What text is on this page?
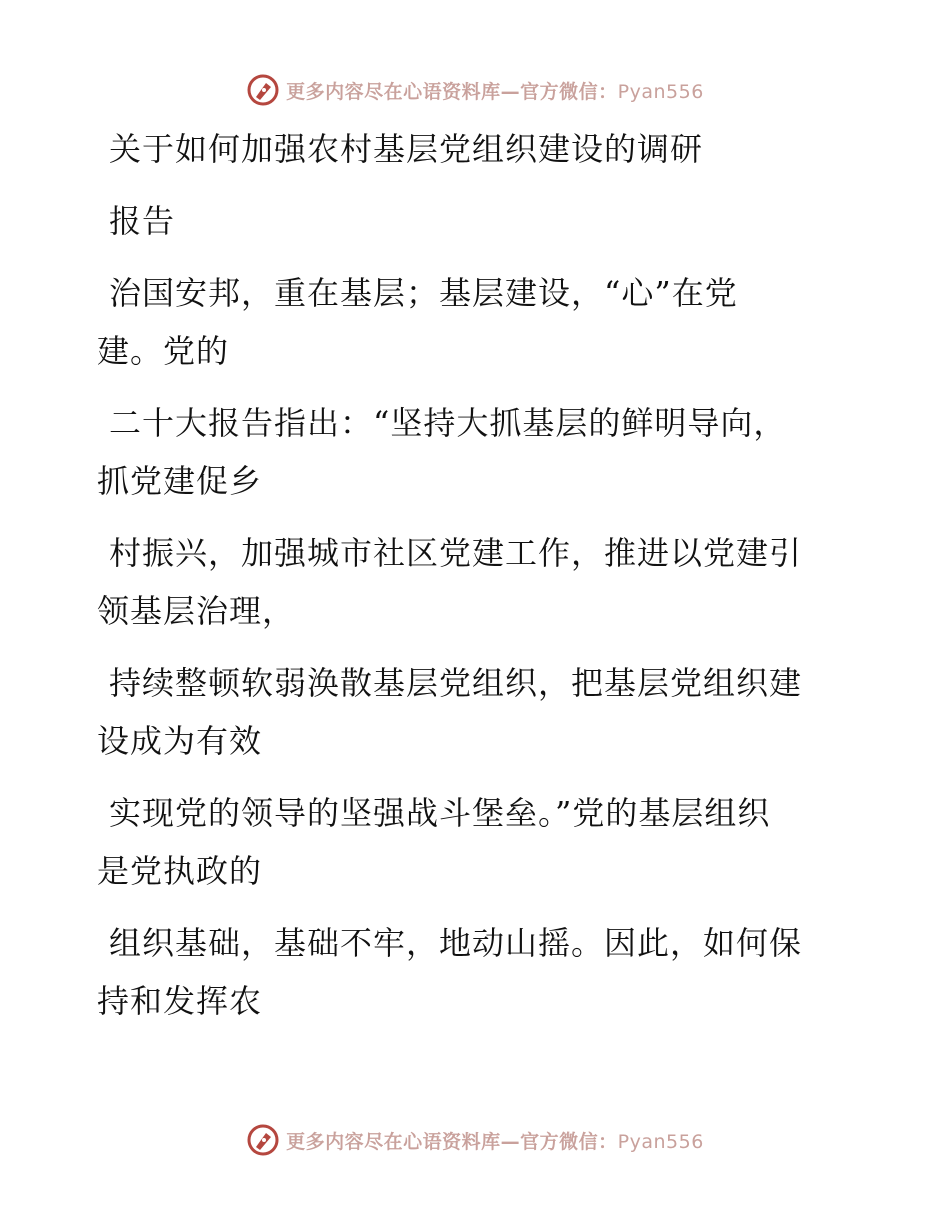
更多内容尽在心语资料库—官方微信：Pyan556
关于如何加强农村基层党组织建设的调研
报告
治国安邦，重在基层；基层建设，“心”在党
建。党的
二十大报告指出：“坚持大抓基层的鲜明导向，
抓党建促乡
村振兴，加强城市社区党建工作，推进以党建引
领基层治理，
持续整顿软弱涣散基层党组织，把基层党组织建
设成为有效
实现党的领导的坚强战斗堡垒。”党的基层组织
是党执政的
组织基础，基础不牢，地动山摇。因此，如何保
持和发挥农
更多内容尽在心语资料库—官方微信：Pyan556
